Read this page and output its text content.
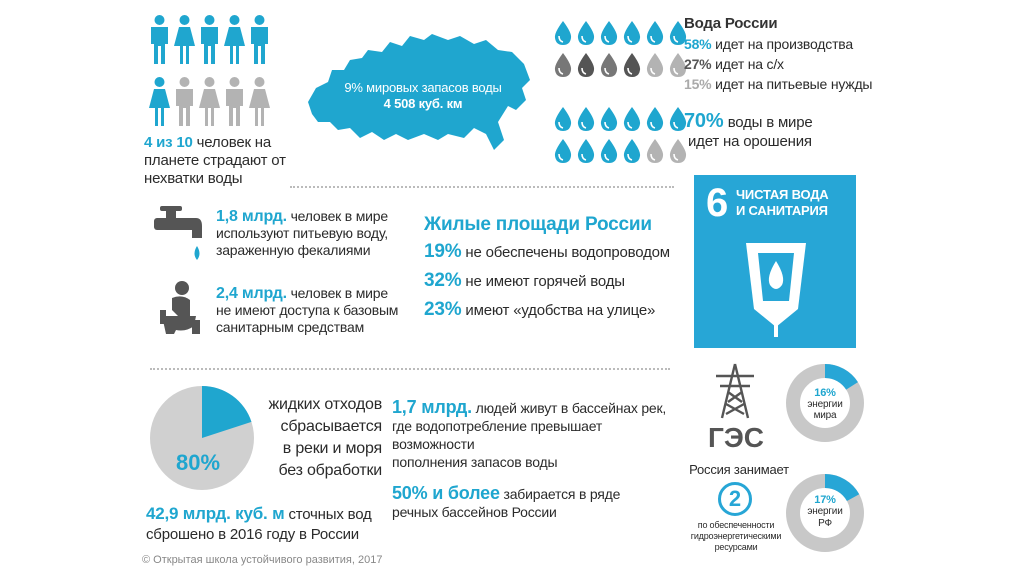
4 из 10 человек на
планете страдают от
нехватки воды
9% мировых запасов воды
4 508 куб. км
Вода России
58% идет на производства
27% идет на с/х
15% идет на питьевые нужды
70% воды в мире
идет на орошения
1,8 млрд. человек в мире
используют питьевую воду,
зараженную фекалиями
2,4 млрд. человек в мире
не имеют доступа к базовым
санитарным средствам
Жилые площади России
19% не обеспечены водопроводом
32% не имеют горячей воды
23% имеют «удобства на улице»
6 ЧИСТАЯ ВОДА
И САНИТАРИЯ
80%
жидких отходов
сбрасывается
в реки и моря
без обработки
42,9 млрд. куб. м сточных вод
сброшено в 2016 году в России
1,7 млрд. людей живут в бассейнах рек,
где водопотребление превышает возможности
пополнения запасов воды
50% и более забирается в ряде
речных бассейнов России
ГЭС
Россия занимает
2
по обеспеченности
гидроэнергетическими
ресурсами
16%
энергии мира
17%
энергии РФ
© Открытая школа устойчивого развития, 2017
